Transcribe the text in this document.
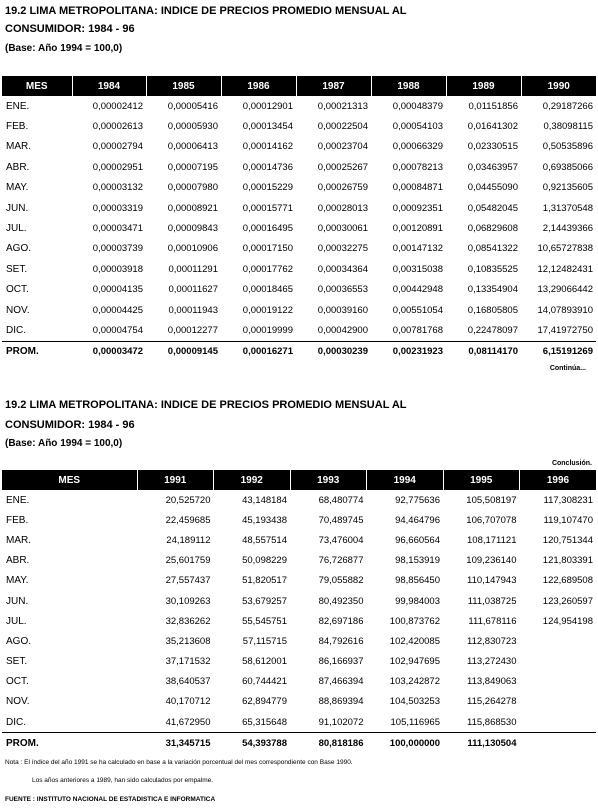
19.2 LIMA METROPOLITANA: INDICE DE PRECIOS PROMEDIO MENSUAL AL
CONSUMIDOR: 1984 - 96
(Base: Año 1994 = 100,0)
MES	1984	1985	1986	1987	1988	1989	1990
ENE.	0,00002412	0,00005416	0,00012901	0,00021313	0,00048379	0,01151856	0,29187266
FEB.	0,00002613	0,00005930	0,00013454	0,00022504	0,00054103	0,01641302	0,38098115
MAR.	0,00002794	0,00006413	0,00014162	0,00023704	0,00066329	0,02330515	0,50535896
ABR.	0,00002951	0,00007195	0,00014736	0,00025267	0,00078213	0,03463957	0,69385066
MAY.	0,00003132	0,00007980	0,00015229	0,00026759	0,00084871	0,04455090	0,92135605
JUN.	0,00003319	0,00008921	0,00015771	0,00028013	0,00092351	0,05482045	1,31370548
JUL.	0,00003471	0,00009843	0,00016495	0,00030061	0,00120891	0,06829608	2,14439366
AGO.	0,00003739	0,00010906	0,00017150	0,00032275	0,00147132	0,08541322	10,65727838
SET.	0,00003918	0,00011291	0,00017762	0,00034364	0,00315038	0,10835525	12,12482431
OCT.	0,00004135	0,00011627	0,00018465	0,00036553	0,00442948	0,13354904	13,29066442
NOV.	0,00004425	0,00011943	0,00019122	0,00039160	0,00551054	0,16805805	14,07893910
DIC.	0,00004754	0,00012277	0,00019999	0,00042900	0,00781768	0,22478097	17,41972750
PROM.	0,00003472	0,00009145	0,00016271	0,00030239	0,00231923	0,08114170	6,15191269
Continúa...
19.2 LIMA METROPOLITANA: INDICE DE PRECIOS PROMEDIO MENSUAL AL
CONSUMIDOR: 1984 - 96
(Base: Año 1994 = 100,0)
Conclusión.
MES	1991	1992	1993	1994	1995	1996
ENE.	20,525720	43,148184	68,480774	92,775636	105,508197	117,308231
FEB.	22,459685	45,193438	70,489745	94,464796	106,707078	119,107470
MAR.	24,189112	48,557514	73,476004	96,660564	108,171121	120,751344
ABR.	25,601759	50,098229	76,726877	98,153919	109,236140	121,803391
MAY.	27,557437	51,820517	79,055882	98,856450	110,147943	122,689508
JUN.	30,109263	53,679257	80,492350	99,984003	111,038725	123,260597
JUL.	32,836262	55,545751	82,697186	100,873762	111,678116	124,954198
AGO.	35,213608	57,115715	84,792616	102,420085	112,830723	
SET.	37,171532	58,612001	86,166937	102,947695	113,272430	
OCT.	38,640537	60,744421	87,466394	103,242872	113,849063	
NOV.	40,170712	62,894779	88,869394	104,503253	115,264278	
DIC.	41,672950	65,315648	91,102072	105,116965	115,868530	
PROM.	31,345715	54,393788	80,818186	100,000000	111,130504	
Nota : El índice del año 1991 se ha calculado en base a la variación porcentual del mes correspondiente con Base 1990.
Los años anteriores a 1989, han sido calculados por empalme.
FUENTE : INSTITUTO NACIONAL DE ESTADISTICA E INFORMATICA
